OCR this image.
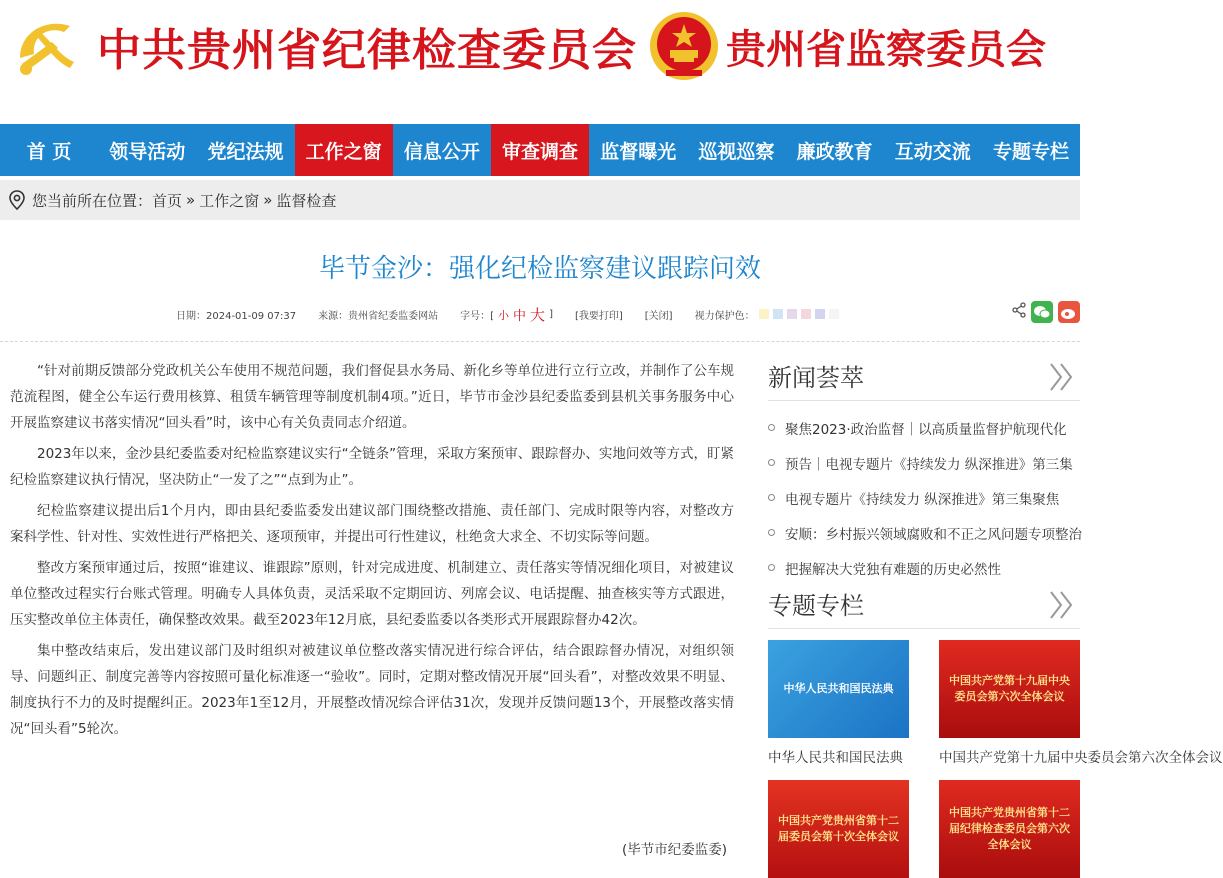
中共贵州省纪律检查委员会 贵州省监察委员会
首 页	领导活动	党纪法规	工作之窗	信息公开	审查调查	监督曝光	巡视巡察	廉政教育	互动交流	专题专栏
您当前所在位置： 首页 » 工作之窗 » 监督检查
毕节金沙：强化纪检监察建议跟踪问效
日期：2024-01-09 07:37 来源：贵州省纪委监委网站 字号：[ 小 中 大 ] [我要打印] [关闭] 视力保护色：

“针对前期反馈部分党政机关公车使用不规范问题，我们督促县水务局、新化乡等单位进行立行立改，并制作了公车规范流程图，健全公车运行费用核算、租赁车辆管理等制度机制4项。”近日，毕节市金沙县纪委监委到县机关事务服务中心开展监察建议书落实情况“回头看”时，该中心有关负责同志介绍道。

2023年以来，金沙县纪委监委对纪检监察建议实行“全链条”管理，采取方案预审、跟踪督办、实地问效等方式，盯紧纪检监察建议执行情况，坚决防止“一发了之”“点到为止”。

纪检监察建议提出后1个月内，即由县纪委监委发出建议部门围绕整改措施、责任部门、完成时限等内容，对整改方案科学性、针对性、实效性进行严格把关、逐项预审，并提出可行性建议，杜绝贪大求全、不切实际等问题。

整改方案预审通过后，按照“谁建议、谁跟踪”原则，针对完成进度、机制建立、责任落实等情况细化项目，对被建议单位整改过程实行台账式管理。明确专人具体负责，灵活采取不定期回访、列席会议、电话提醒、抽查核实等方式跟进，压实整改单位主体责任，确保整改效果。截至2023年12月底，县纪委监委以各类形式开展跟踪督办42次。

集中整改结束后，发出建议部门及时组织对被建议单位整改落实情况进行综合评估，结合跟踪督办情况，对组织领导、问题纠正、制度完善等内容按照可量化标准逐一“验收”。同时，定期对整改情况开展“回头看”，对整改效果不明显、制度执行不力的及时提醒纠正。2023年1至12月，开展整改情况综合评估31次，发现并反馈问题13个，开展整改落实情况“回头看”5轮次。

(毕节市纪委监委)
新闻荟萃
聚焦2023·政治监督｜以高质量监督护航现代化
预告｜电视专题片《持续发力 纵深推进》第三集
电视专题片《持续发力 纵深推进》第三集聚焦
安顺：乡村振兴领域腐败和不正之风问题专项整治
把握解决大党独有难题的历史必然性
专题专栏
中华人民共和国民法典
中华人民共和国民法典
中国共产党第十九届中央委员会第六次全体会议
中国共产党第十九届中央委员会第六次全体会议
中国共产党贵州省第十二届委员会第十次全体会议
中国共产党贵州省第十二届纪律检查委员会第六次全体会议
